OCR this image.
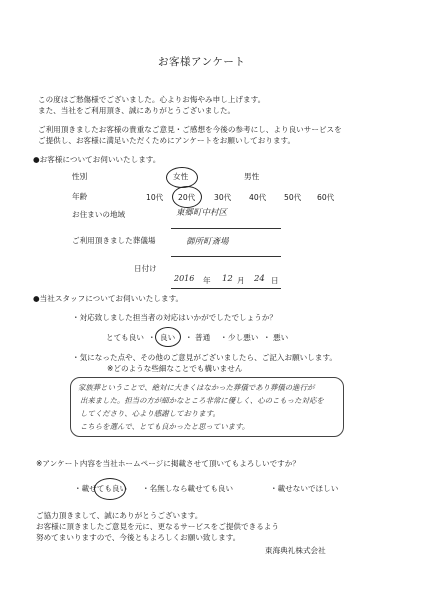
お客様アンケート
この度はご愁傷様でございました。心よりお悔やみ申し上げます。
また、当社をご利用頂き、誠にありがとうございました。
ご利用頂きましたお客様の貴重なご意見・ご感想を今後の参考にし、より良いサービスを
ご提供し、お客様に満足いただくためにアンケートをお願いしております。
●お客様についてお伺いいたします。
性別	女性	男性
年齢	10代 20代 30代 40代 50代 60代
お住まいの地域	東郷町中村区
ご利用頂きました葬儀場	御所町斎場
日付け
2016 年 12 月 24 日
●当社スタッフについてお伺いいたします。
・対応致しました担当者の対応はいかがでしたでしょうか？
とても良い ・ 良い ・ 普通 ・ 少し悪い ・ 悪い
・気になった点や、その他のご意見がございましたら、ご記入お願いします。
※どのような些細なことでも構いません
家族葬ということで、絶対に大きくはなかった葬儀であり葬儀の進行が
出来ました。担当の方が細かなところ非常に優しく、心のこもった対応を
してくださり、心より感謝しております。
こちらを選んで、とても良かったと思っています。
※アンケート内容を当社ホームページに掲載させて頂いてもよろしいですか？
・載せても良い ・名無しなら載せても良い	・載せないでほしい
ご協力頂きまして、誠にありがとうございます。
お客様に頂きましたご意見を元に、更なるサービスをご提供できるよう
努めてまいりますので、今後ともよろしくお願い致します。
東海典礼株式会社
